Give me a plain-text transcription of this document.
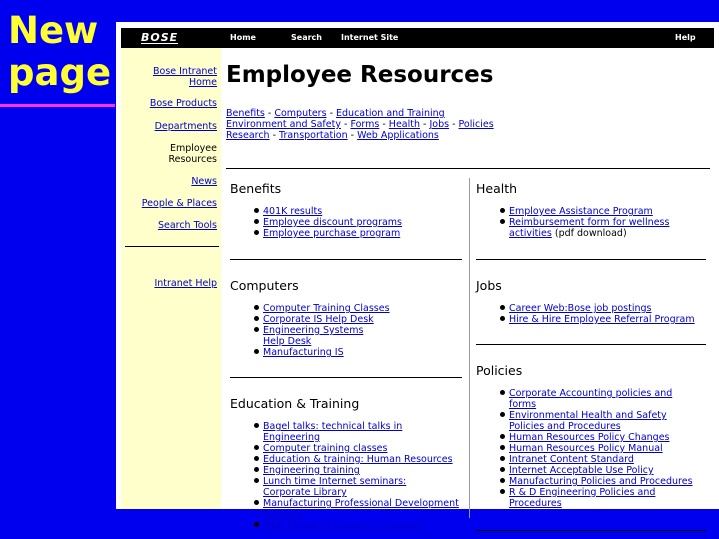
New
page
BOSE	Home	Search Internet Site	Help
Bose Intranet Home
Bose Products
Departments
Employee Resources
News
People & Places
Search Tools
Intranet Help
Employee Resources
Benefits - Computers - Education and Training
Environment and Safety - Forms - Health - Jobs - Policies
Research - Transportation - Web Applications
Benefits
401K results
Employee discount programs
Employee purchase program
Computers
Computer Training Classes
Corporate IS Help Desk
Engineering Systems Help Desk
Manufacturing IS
Education & Training
Bagel talks: technical talks in Engineering
Computer training classes
Education & training: Human Resources
Engineering training
Lunch time Internet seminars: Corporate Library
Manufacturing Professional Development Program
Web Research Classes: Corporate
Health
Employee Assistance Program
Reimbursement form for wellness activities (pdf download)
Jobs
Career Web:Bose job postings
Hire & Hire Employee Referral Program
Policies
Corporate Accounting policies and forms
Environmental Health and Safety Policies and Procedures
Human Resources Policy Changes
Human Resources Policy Manual
Intranet Content Standard
Internet Acceptable Use Policy
Manufacturing Policies and Procedures
R & D Engineering Policies and Procedures
